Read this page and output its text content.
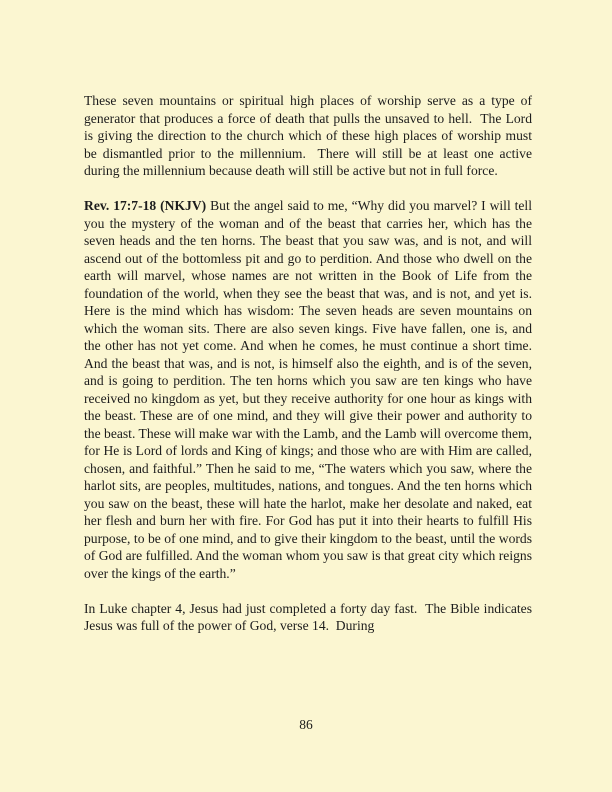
These seven mountains or spiritual high places of worship serve as a type of generator that produces a force of death that pulls the unsaved to hell.  The Lord is giving the direction to the church which of these high places of worship must be dismantled prior to the millennium.  There will still be at least one active during the millennium because death will still be active but not in full force.

Rev. 17:7-18 (NKJV) But the angel said to me, “Why did you marvel? I will tell you the mystery of the woman and of the beast that carries her, which has the seven heads and the ten horns. The beast that you saw was, and is not, and will ascend out of the bottomless pit and go to perdition. And those who dwell on the earth will marvel, whose names are not written in the Book of Life from the foundation of the world, when they see the beast that was, and is not, and yet is. Here is the mind which has wisdom: The seven heads are seven mountains on which the woman sits. There are also seven kings. Five have fallen, one is, and the other has not yet come. And when he comes, he must continue a short time. And the beast that was, and is not, is himself also the eighth, and is of the seven, and is going to perdition. The ten horns which you saw are ten kings who have received no kingdom as yet, but they receive authority for one hour as kings with the beast. These are of one mind, and they will give their power and authority to the beast. These will make war with the Lamb, and the Lamb will overcome them, for He is Lord of lords and King of kings; and those who are with Him are called, chosen, and faithful.” Then he said to me, “The waters which you saw, where the harlot sits, are peoples, multitudes, nations, and tongues. And the ten horns which you saw on the beast, these will hate the harlot, make her desolate and naked, eat her flesh and burn her with fire. For God has put it into their hearts to fulfill His purpose, to be of one mind, and to give their kingdom to the beast, until the words of God are fulfilled. And the woman whom you saw is that great city which reigns over the kings of the earth.”

In Luke chapter 4, Jesus had just completed a forty day fast.  The Bible indicates Jesus was full of the power of God, verse 14.  During

86
